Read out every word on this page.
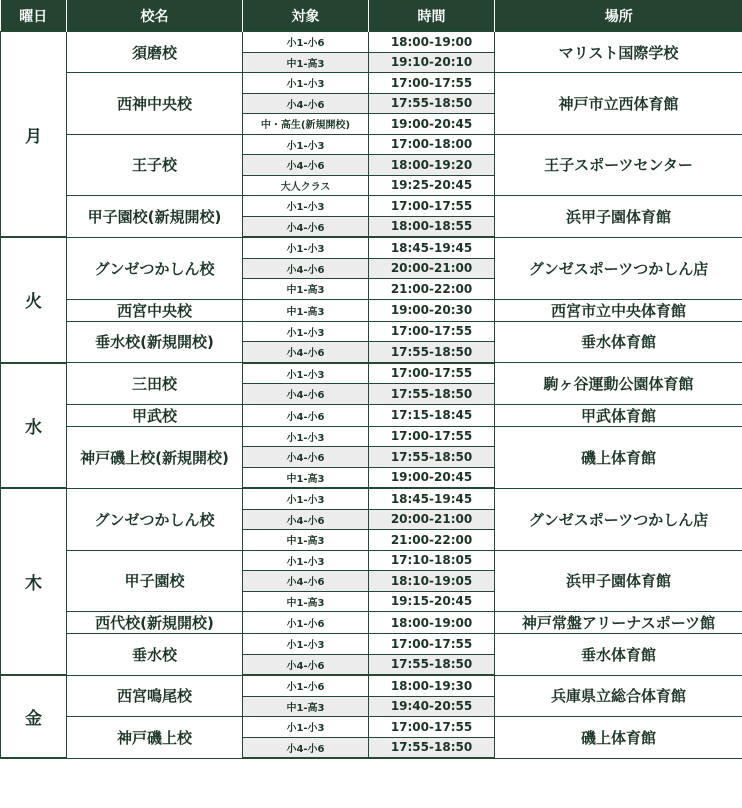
曜日	校名	対象	時間	場所
月	須磨校	小1-小6	18:00-19:00	マリスト国際学校
		中1-高3	19:10-20:10	
	西神中央校	小1-小3	17:00-17:55	神戸市立西体育館
		小4-小6	17:55-18:50	
		中・高生(新規開校)	19:00-20:45	
	王子校	小1-小3	17:00-18:00	王子スポーツセンター
		小4-小6	18:00-19:20	
		大人クラス	19:25-20:45	
	甲子園校(新規開校)	小1-小3	17:00-17:55	浜甲子園体育館
		小4-小6	18:00-18:55	
火	グンゼつかしん校	小1-小3	18:45-19:45	グンゼスポーツつかしん店
		小4-小6	20:00-21:00	
		中1-高3	21:00-22:00	
	西宮中央校	中1-高3	19:00-20:30	西宮市立中央体育館
	垂水校(新規開校)	小1-小3	17:00-17:55	垂水体育館
		小4-小6	17:55-18:50	
水	三田校	小1-小3	17:00-17:55	駒ヶ谷運動公園体育館
		小4-小6	17:55-18:50	
	甲武校	小4-小6	17:15-18:45	甲武体育館
	神戸磯上校(新規開校)	小1-小3	17:00-17:55	磯上体育館
		小4-小6	17:55-18:50	
		中1-高3	19:00-20:45	
木	グンゼつかしん校	小1-小3	18:45-19:45	グンゼスポーツつかしん店
		小4-小6	20:00-21:00	
		中1-高3	21:00-22:00	
	甲子園校	小1-小3	17:10-18:05	浜甲子園体育館
		小4-小6	18:10-19:05	
		中1-高3	19:15-20:45	
	西代校(新規開校)	小1-小6	18:00-19:00	神戸常盤アリーナスポーツ館
	垂水校	小1-小3	17:00-17:55	垂水体育館
		小4-小6	17:55-18:50	
金	西宮鳴尾校	小1-小6	18:00-19:30	兵庫県立総合体育館
		中1-高3	19:40-20:55	
	神戸磯上校	小1-小3	17:00-17:55	磯上体育館
		小4-小6	17:55-18:50	
